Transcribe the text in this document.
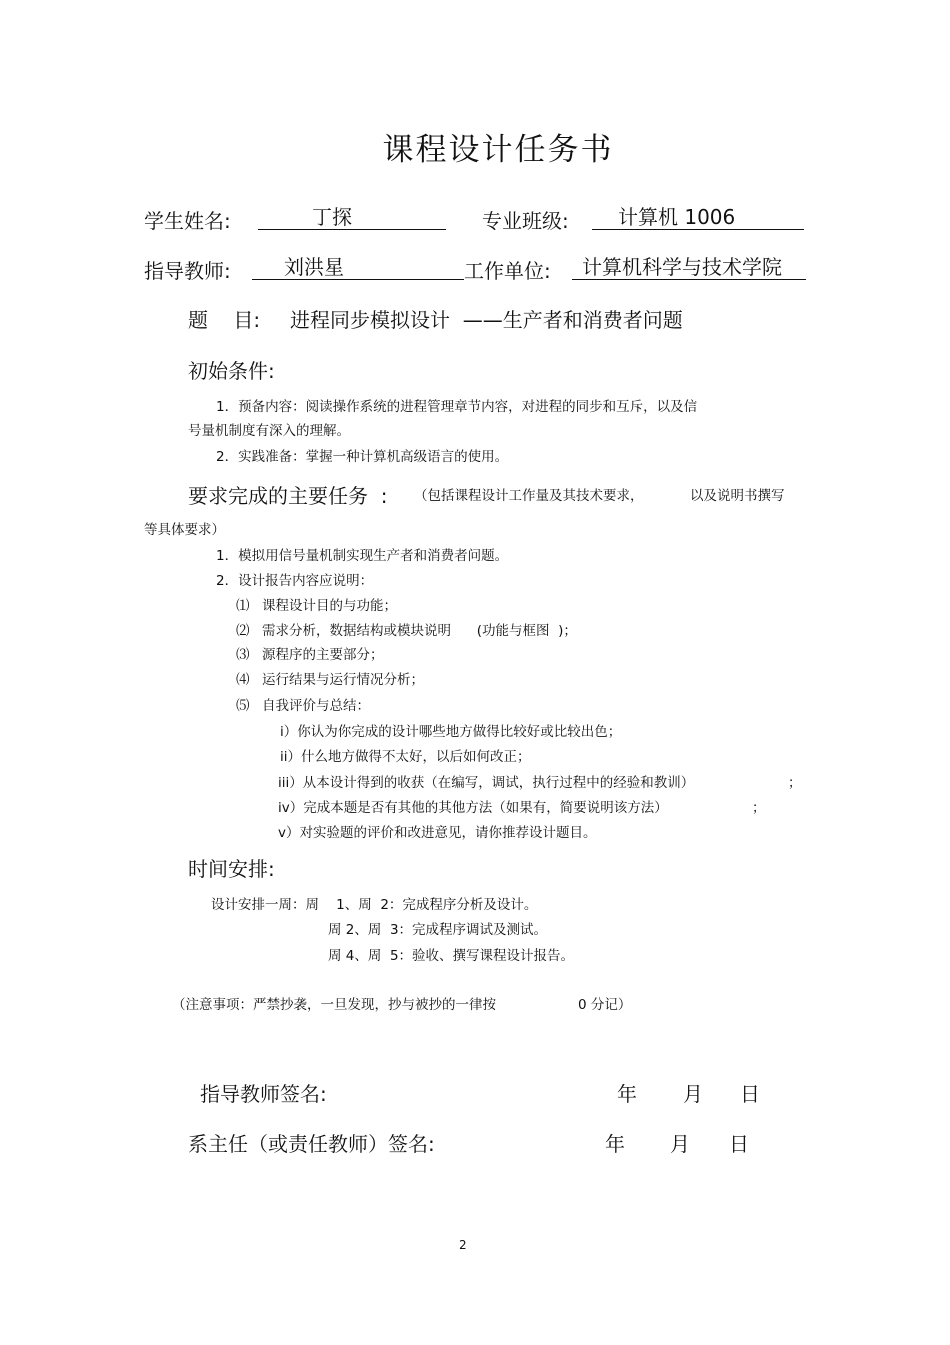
课程设计任务书
学生姓名:	丁探	专业班级:	计算机 1006
指导教师:	刘洪星	工作单位:	计算机科学与技术学院
题    目: 进程同步模拟设计  ——生产者和消费者问题
初始条件:
1．预备内容：阅读操作系统的进程管理章节内容，对进程的同步和互斥，以及信
号量机制度有深入的理解。
2．实践准备：掌握一种计算机高级语言的使用。
要求完成的主要任务  : （包括课程设计工作量及其技术要求，	以及说明书撰写
等具体要求）
1．模拟用信号量机制实现生产者和消费者问题。
2．设计报告内容应说明：
⑴ 课程设计目的与功能；
⑵ 需求分析，数据结构或模块说明      (功能与框图  )；
⑶ 源程序的主要部分；
⑷ 运行结果与运行情况分析；
⑸ 自我评价与总结：
i）你认为你完成的设计哪些地方做得比较好或比较出色；
ii）什么地方做得不太好，以后如何改正；
iii）从本设计得到的收获（在编写，调试，执行过程中的经验和教训）	；
iv）完成本题是否有其他的其他方法（如果有，简要说明该方法）	；
v）对实验题的评价和改进意见，请你推荐设计题目。
时间安排:
设计安排一周：周    1、周  2：完成程序分析及设计。
周 2、周  3：完成程序调试及测试。
周 4、周  5：验收、撰写课程设计报告。
（注意事项：严禁抄袭，一旦发现，抄与被抄的一律按	0 分记）
指导教师签名:	年 月 日
系主任（或责任教师）签名:	年 月 日
2
